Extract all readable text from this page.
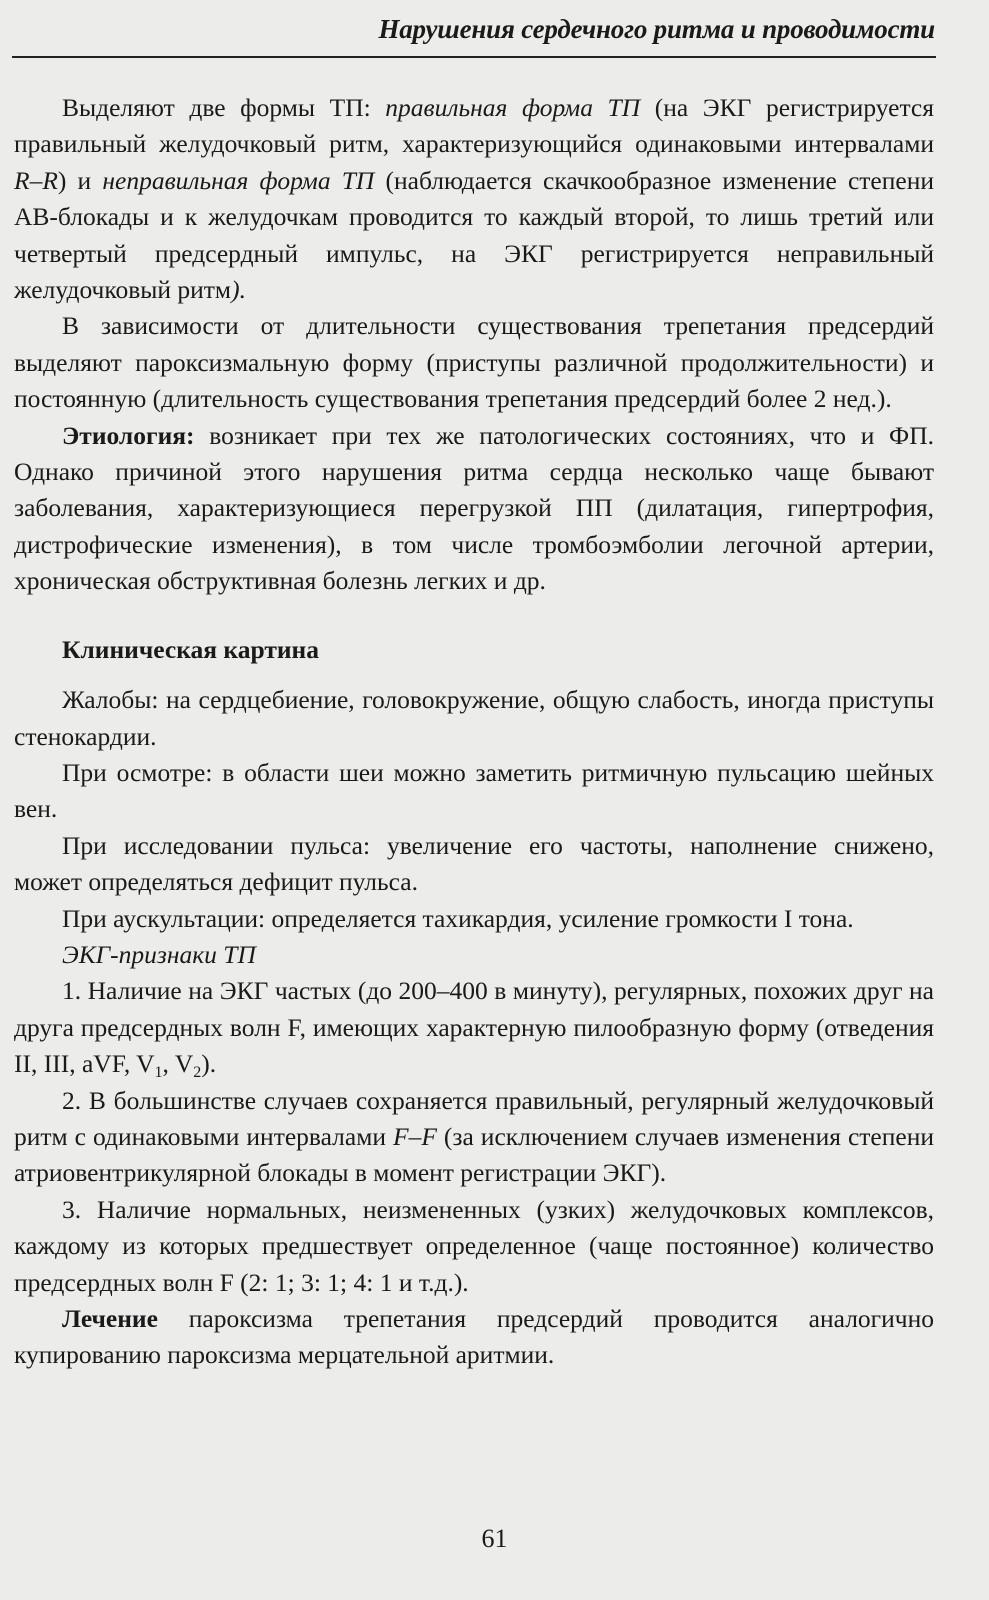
Нарушения сердечного ритма и проводимости

Выделяют две формы ТП: правильная форма ТП (на ЭКГ регистрируется правильный желудочковый ритм, характеризующийся одинаковыми интервалами R–R) и неправильная форма ТП (наблюдается скачкообразное изменение степени АВ-блокады и к желудочкам проводится то каждый второй, то лишь третий или четвертый предсердный импульс, на ЭКГ регистрируется неправильный желудочковый ритм).

В зависимости от длительности существования трепетания предсердий выделяют пароксизмальную форму (приступы различной продолжительности) и постоянную (длительность существования трепетания предсердий более 2 нед.).

Этиология: возникает при тех же патологических состояниях, что и ФП. Однако причиной этого нарушения ритма сердца несколько чаще бывают заболевания, характеризующиеся перегрузкой ПП (дилатация, гипертрофия, дистрофические изменения), в том числе тромбоэмболии легочной артерии, хроническая обструктивная болезнь легких и др.

Клиническая картина

Жалобы: на сердцебиение, головокружение, общую слабость, иногда приступы стенокардии.

При осмотре: в области шеи можно заметить ритмичную пульсацию шейных вен.

При исследовании пульса: увеличение его частоты, наполнение снижено, может определяться дефицит пульса.

При аускультации: определяется тахикардия, усиление громкости I тона.

ЭКГ-признаки ТП

1. Наличие на ЭКГ частых (до 200–400 в минуту), регулярных, похожих друг на друга предсердных волн F, имеющих характерную пилообразную форму (отведения II, III, aVF, $V_1$, $V_2$).

2. В большинстве случаев сохраняется правильный, регулярный желудочковый ритм с одинаковыми интервалами F–F (за исключением случаев изменения степени атриовентрикулярной блокады в момент регистрации ЭКГ).

3. Наличие нормальных, неизмененных (узких) желудочковых комплексов, каждому из которых предшествует определенное (чаще постоянное) количество предсердных волн F (2: 1; 3: 1; 4: 1 и т.д.).

Лечение пароксизма трепетания предсердий проводится аналогично купированию пароксизма мерцательной аритмии.

61
